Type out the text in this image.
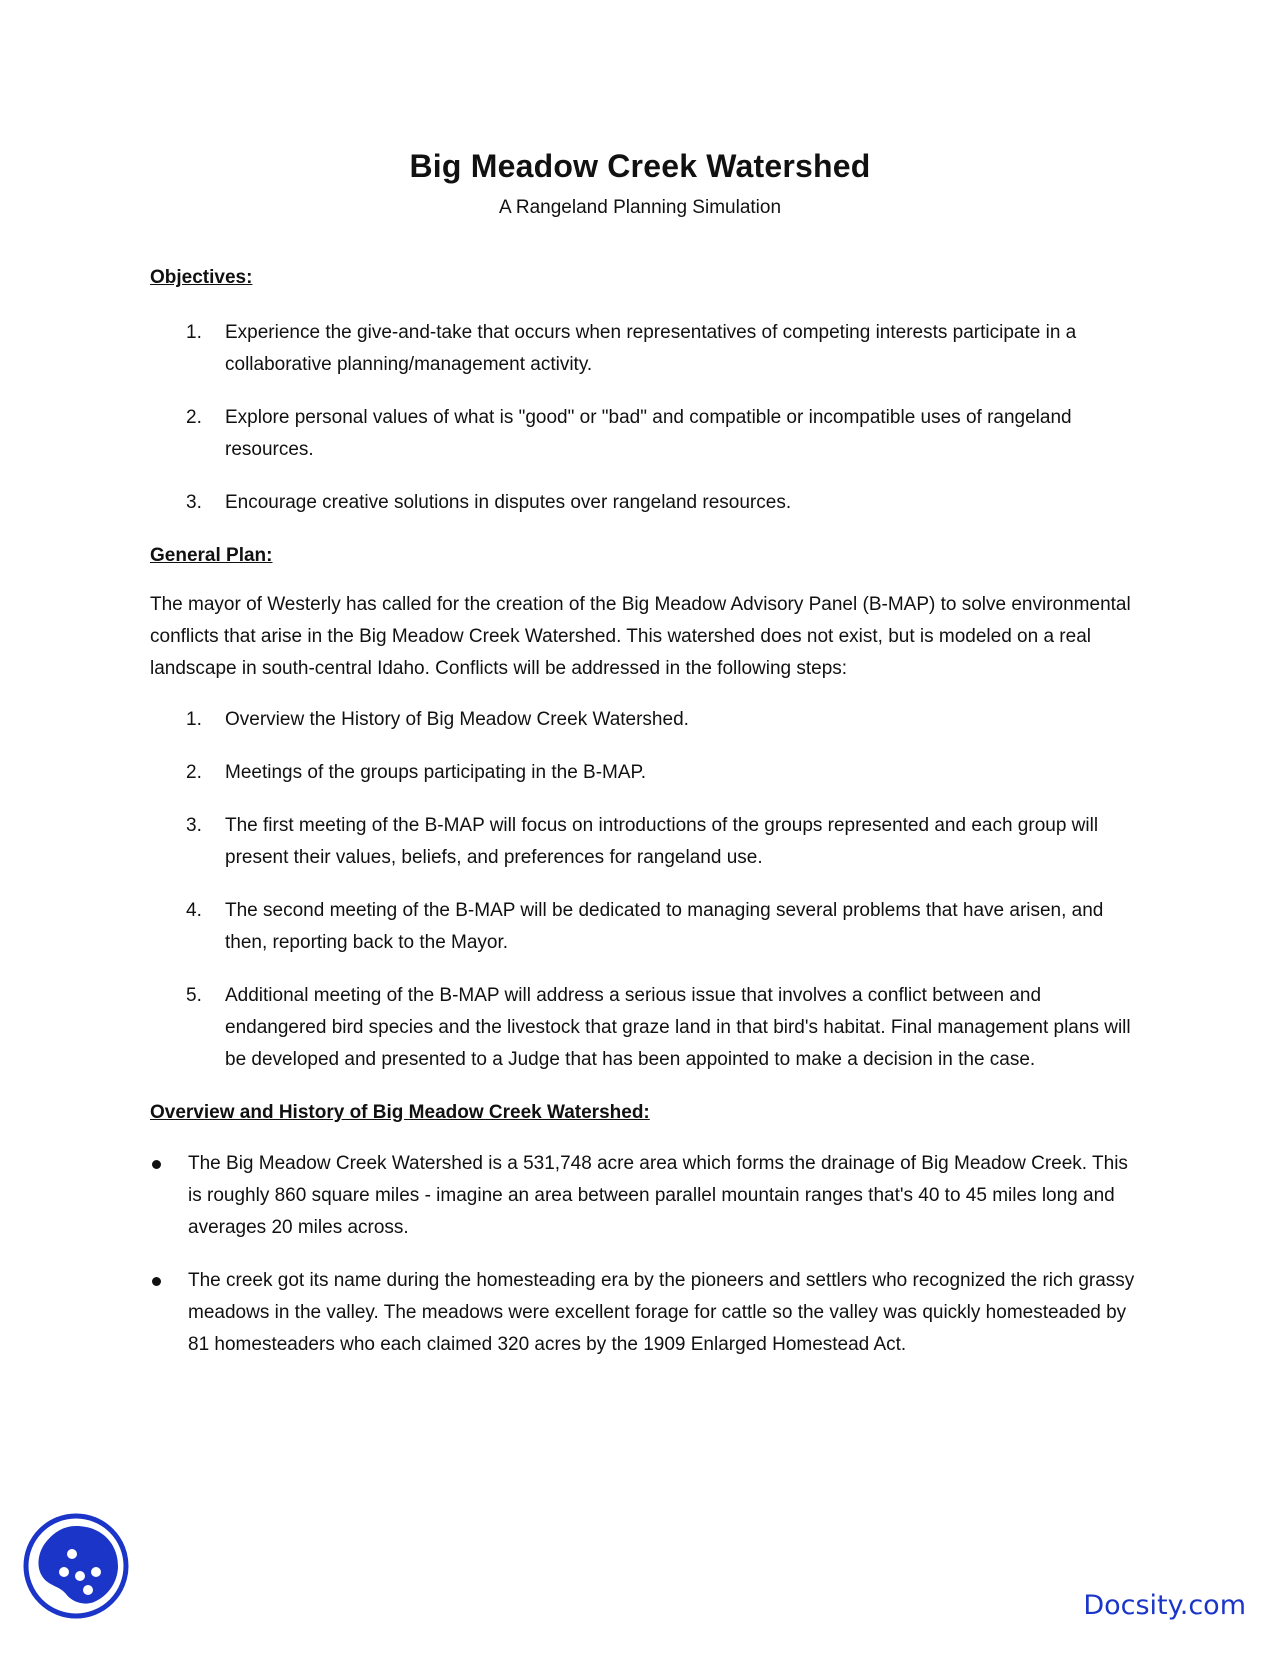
Big Meadow Creek Watershed
A Rangeland Planning Simulation
Objectives:
1. Experience the give-and-take that occurs when representatives of competing interests participate in a collaborative planning/management activity.
2. Explore personal values of what is "good" or "bad" and compatible or incompatible uses of rangeland resources.
3. Encourage creative solutions in disputes over rangeland resources.
General Plan:
The mayor of Westerly has called for the creation of the Big Meadow Advisory Panel (B-MAP) to solve environmental conflicts that arise in the Big Meadow Creek Watershed. This watershed does not exist, but is modeled on a real landscape in south-central Idaho. Conflicts will be addressed in the following steps:
1. Overview the History of Big Meadow Creek Watershed.
2. Meetings of the groups participating in the B-MAP.
3. The first meeting of the B-MAP will focus on introductions of the groups represented and each group will present their values, beliefs, and preferences for rangeland use.
4. The second meeting of the B-MAP will be dedicated to managing several problems that have arisen, and then, reporting back to the Mayor.
5. Additional meeting of the B-MAP will address a serious issue that involves a conflict between and endangered bird species and the livestock that graze land in that bird's habitat. Final management plans will be developed and presented to a Judge that has been appointed to make a decision in the case.
Overview and History of Big Meadow Creek Watershed:
The Big Meadow Creek Watershed is a 531,748 acre area which forms the drainage of Big Meadow Creek. This is roughly 860 square miles - imagine an area between parallel mountain ranges that's 40 to 45 miles long and averages 20 miles across.
The creek got its name during the homesteading era by the pioneers and settlers who recognized the rich grassy meadows in the valley. The meadows were excellent forage for cattle so the valley was quickly homesteaded by 81 homesteaders who each claimed 320 acres by the 1909 Enlarged Homestead Act.
Docsity.com
